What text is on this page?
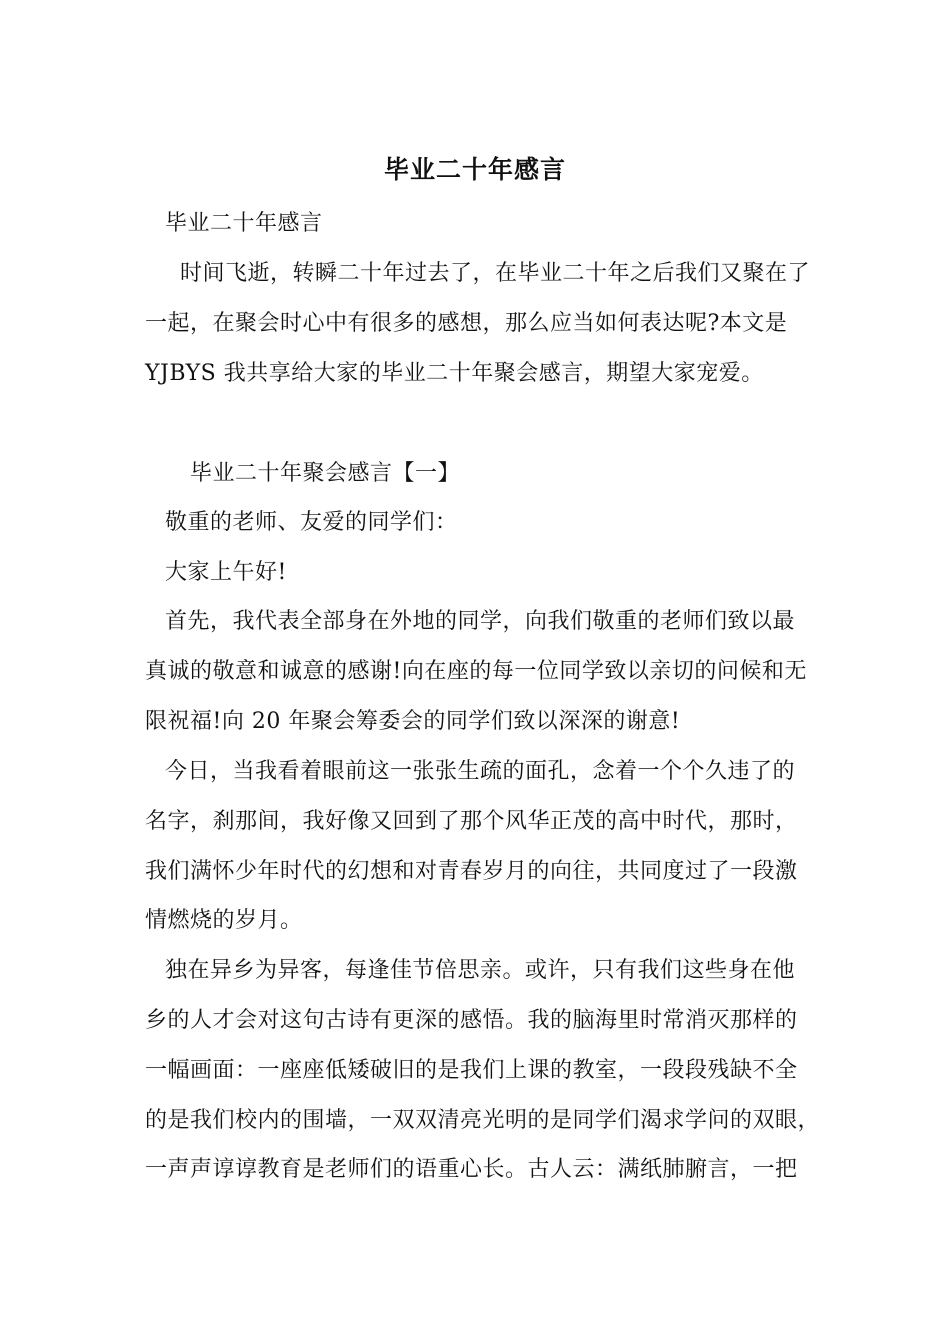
毕业二十年感言
毕业二十年感言
时间飞逝，转瞬二十年过去了，在毕业二十年之后我们又聚在了
一起，在聚会时心中有很多的感想，那么应当如何表达呢?本文是
YJBYS 我共享给大家的毕业二十年聚会感言，期望大家宠爱。
毕业二十年聚会感言【一】
敬重的老师、友爱的同学们：
大家上午好!
首先，我代表全部身在外地的同学，向我们敬重的老师们致以最
真诚的敬意和诚意的感谢!向在座的每一位同学致以亲切的问候和无
限祝福!向 20 年聚会筹委会的同学们致以深深的谢意!
今日，当我看着眼前这一张张生疏的面孔，念着一个个久违了的
名字，刹那间，我好像又回到了那个风华正茂的高中时代，那时，
我们满怀少年时代的幻想和对青春岁月的向往，共同度过了一段激
情燃烧的岁月。
独在异乡为异客，每逢佳节倍思亲。或许，只有我们这些身在他
乡的人才会对这句古诗有更深的感悟。我的脑海里时常消灭那样的
一幅画面：一座座低矮破旧的是我们上课的教室，一段段残缺不全
的是我们校内的围墙，一双双清亮光明的是同学们渴求学问的双眼，
一声声谆谆教育是老师们的语重心长。古人云：满纸肺腑言，一把
